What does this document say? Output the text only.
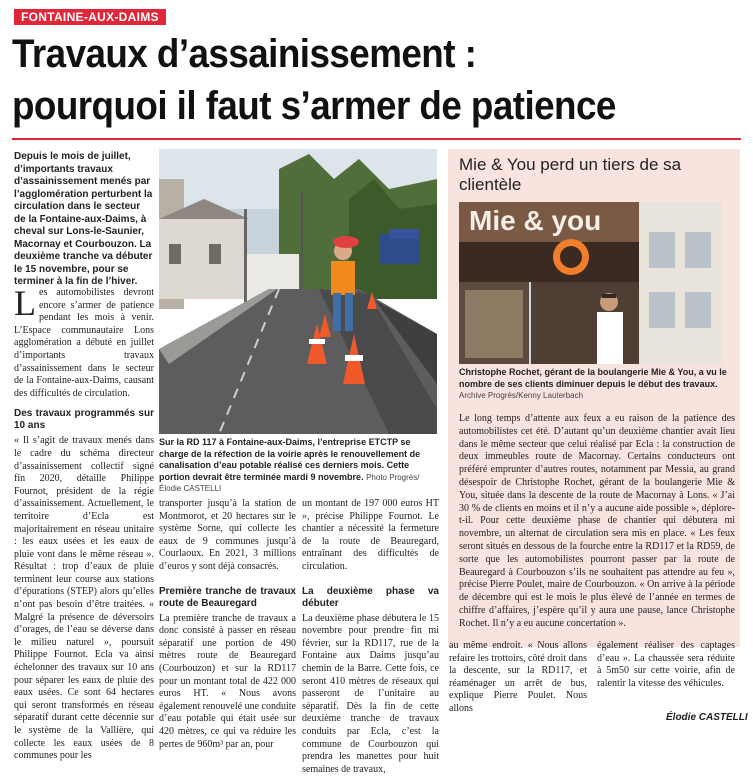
FONTAINE-AUX-DAIMS
Travaux d’assainissement :
pourquoi il faut s’armer de patience
Depuis le mois de juillet, d’importants travaux d’assainissement menés par l’agglomération perturbent la circulation dans le secteur de la Fontaine-aux-Daims, à cheval sur Lons-le-Saunier, Macornay et Courbouzon. La deuxième tranche va débuter le 15 novembre, pour se terminer à la fin de l’hiver.

Les automobilistes devront encore s’armer de patience pendant les mois à venir. L’Espace communautaire Lons agglomération a débuté en juillet d’importants travaux d’assainissement dans le secteur de la Fontaine-aux-Daims, causant des difficultés de circulation.

Des travaux programmés sur 10 ans

« Il s’agit de travaux menés dans le cadre du schéma directeur d’assainissement collectif signé fin 2020, détaille Philippe Fournot, président de la régie d’assainissement. Actuellement, le territoire d’Ecla est majoritairement en réseau unitaire : les eaux usées et les eaux de pluie vont dans le même réseau ». Résultat : trop d’eaux de pluie terminent leur course aux stations d’épurations (STEP) alors qu’elles n’ont pas besoin d’être traitées. « Malgré la présence de déversoirs d’orages, de l’eau se déverse dans le milieu naturel », poursuit Philippe Fournot. Ecla va ainsi échelonner des travaux sur 10 ans pour séparer les eaux de pluie des eaux usées. Ce sont 64 hectares qui seront transformés en réseau séparatif durant cette décennie sur le système de la Vallière, qui collecte les eaux usées de 8 communes pour les

Sur la RD 117 à Fontaine-aux-Daims, l’entreprise ETCTP se charge de la réfection de la voirie après le renouvellement de canalisation d’eau potable réalisé ces derniers mois. Cette portion devrait être terminée mardi 9 novembre. Photo Progrès/Élodie CASTELLI

transporter jusqu’à la station de Montmorot, et 20 hectares sur le système Sorne, qui collecte les eaux de 9 communes jusqu’à Courlaoux. En 2021, 3 millions d’euros y sont déjà consacrés.

Première tranche de travaux route de Beauregard

La première tranche de travaux a donc consisté à passer en réseau séparatif une portion de 490 mètres route de Beauregard (Courbouzon) et sur la RD117 pour un montant total de 422 000 euros HT. « Nous avons également renouvelé une conduite d’eau potable qui était usée sur 420 mètres, ce qui va réduire les pertes de 960m³ par an, pour

un montant de 197 000 euros HT », précise Philippe Fournot. Le chantier a nécessité la fermeture de la route de Beauregard, entraînant des difficultés de circulation.

La deuxième phase va débuter

La deuxième phase débutera le 15 novembre pour prendre fin mi février, sur la RD117, rue de la Fontaine aux Daims jusqu’au chemin de la Barre. Cette fois, ce seront 410 mètres de réseaux qui passeront de l’unitaire au séparatif. Dès la fin de cette deuxième tranche de travaux conduits par Ecla, c’est la commune de Courbouzon qui prendra les manettes pour huit semaines de travaux,

Mie & You perd un tiers de sa clientèle
Mie & you
Christophe Rochet, gérant de la boulangerie Mie & You, a vu le nombre de ses clients diminuer depuis le début des travaux. Archive Progrès/Kenny Lauterbach
Le long temps d’attente aux feux a eu raison de la patience des automobilistes cet été. D’autant qu’un deuxième chantier avait lieu dans le même secteur que celui réalisé par Ecla : la construction de deux immeubles route de Macornay. Certains conducteurs ont préféré emprunter d’autres routes, notamment par Messia, au grand désespoir de Christophe Rochet, gérant de la boulangerie Mie & You, située dans la descente de la route de Macornay à Lons. « J’ai 30 % de clients en moins et il n’y a aucune aide possible », déplore-t-il. Pour cette deuxième phase de chantier qui débutera mi novembre, un alternat de circulation sera mis en place. « Les feux seront situés en dessous de la fourche entre la RD117 et la RD59, de sorte que les automobilistes pourront passer par la route de Beauregard à Courbouzon s’ils ne souhaitent pas attendre au feu », précise Pierre Poulet, maire de Courbouzon. « On arrive à la période de décembre qui est le mois le plus élevé de l’année en termes de chiffre d’affaires, j’espère qu’il y aura une pause, lance Christophe Rochet. Il n’y a eu aucune concertation ».

au même endroit. « Nous allons refaire les trottoirs, côté droit dans la descente, sur la RD117, et réaménager un arrêt de bus, explique Pierre Poulet. Nous allons

également réaliser des captages d’eau ». La chaussée sera réduite à 5m50 sur cette voirie, afin de ralentir la vitesse des véhicules.

Élodie CASTELLI
